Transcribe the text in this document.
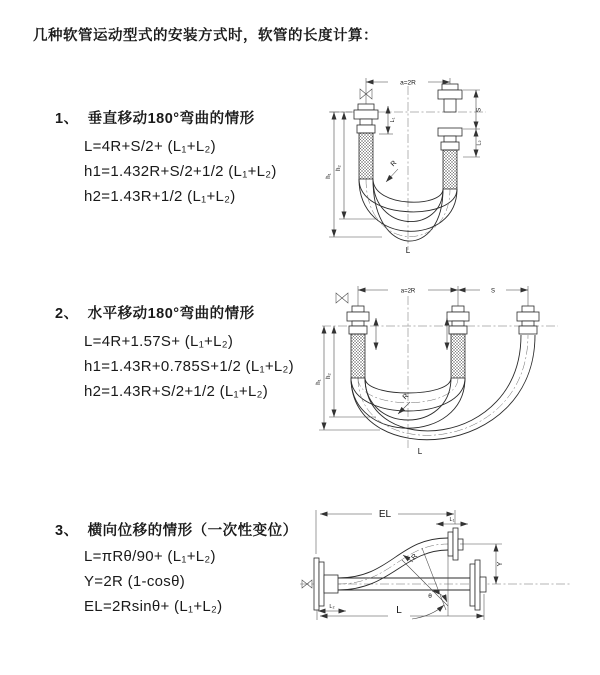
几种软管运动型式的安装方式时，软管的长度计算：
1、 垂直移动180°弯曲的情形
L=4R+S/2+ (L₁+L₂)
h1=1.432R+S/2+1/2 (L₁+L₂)
h2=1.43R+1/2 (L₁+L₂)
a=2R
S
L₁
L₂
h₁
h₂	R
L
2、 水平移动180°弯曲的情形
L=4R+1.57S+ (L₁+L₂)
h1=1.43R+0.785S+1/2 (L₁+L₂)
h2=1.43R+S/2+1/2 (L₁+L₂)
a=2R	S
h₁
h₂
R
L
3、 横向位移的情形（一次性变位）
L=πRθ/90+ (L₁+L₂)
Y=2R (1-cosθ)
EL=2Rsinθ+ (L₁+L₂)
EL	L₁
Y
L₂
R
θ
L
